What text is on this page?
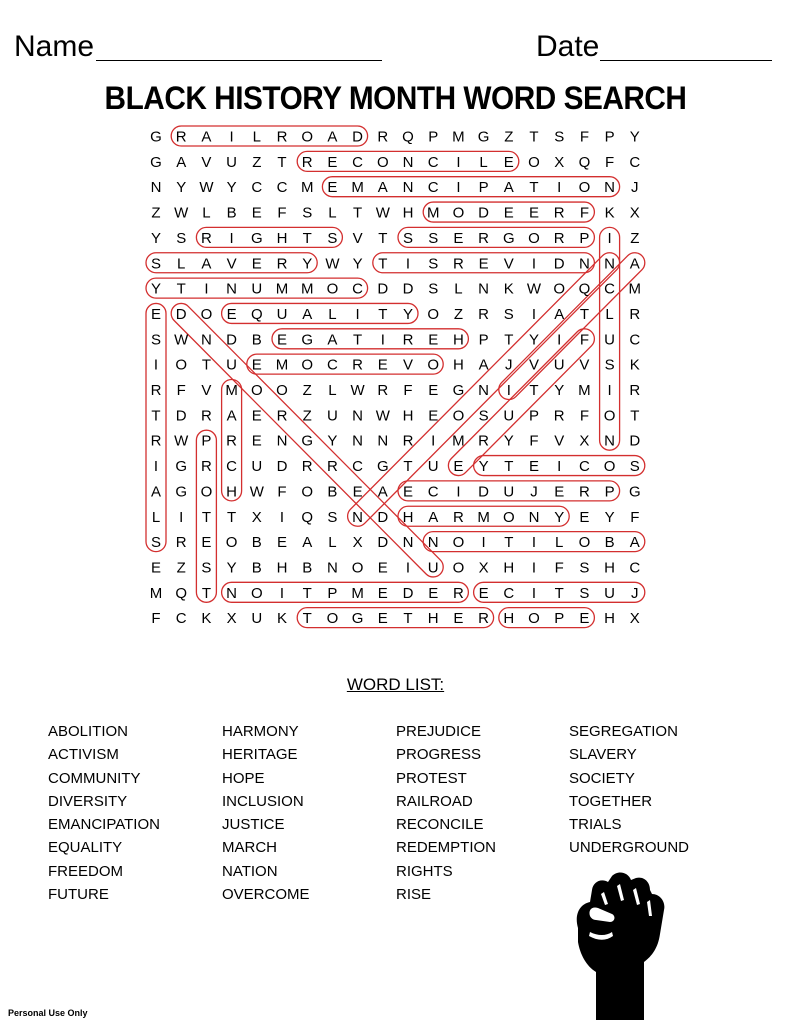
Name	Date
BLACK HISTORY MONTH WORD SEARCH
G R A I L R O A D R Q P M G Z T S F P Y
G A V U Z T R E C O N C I L E O X Q F C
N Y W Y C C M E M A N C I P A T I O N J
Z W L B E F S L T W H M O D E E R F K X
Y S R I G H T S V T S S E R G O R P I Z
S L A V E R Y W Y T I S R E V I D N N A
Y T I N U M M O C D D S L N K W O Q C M
E D O E Q U A L I T Y O Z R S I A T L R
S W N D B E G A T I R E H P T Y I F U C
I O T U E M O C R E V O H A J V U V S K
R F V M O O Z L W R F E G N I T Y M I R
T D R A E R Z U N W H E O S U P R F O T
R W P R E N G Y N N R I M R Y F V X N D
I G R C U D R R C G T U E Y T E I C O S
A G O H W F O B E A E C I D U J E R P G
L I T T X I Q S N D H A R M O N Y E Y F
S R E O B E A L X D N N O I T I L O B A
E Z S Y B H B N O E I U O X H I F S H C
M Q T N O I T P M E D E R E C I T S U J
F C K X U K T O G E T H E R H O P E H X
WORD LIST:
ABOLITION
ACTIVISM
COMMUNITY
DIVERSITY
EMANCIPATION
EQUALITY
FREEDOM
FUTURE
HARMONY
HERITAGE
HOPE
INCLUSION
JUSTICE
MARCH
NATION
OVERCOME
PREJUDICE
PROGRESS
PROTEST
RAILROAD
RECONCILE
REDEMPTION
RIGHTS
RISE
SEGREGATION
SLAVERY
SOCIETY
TOGETHER
TRIALS
UNDERGROUND
Personal Use Only
